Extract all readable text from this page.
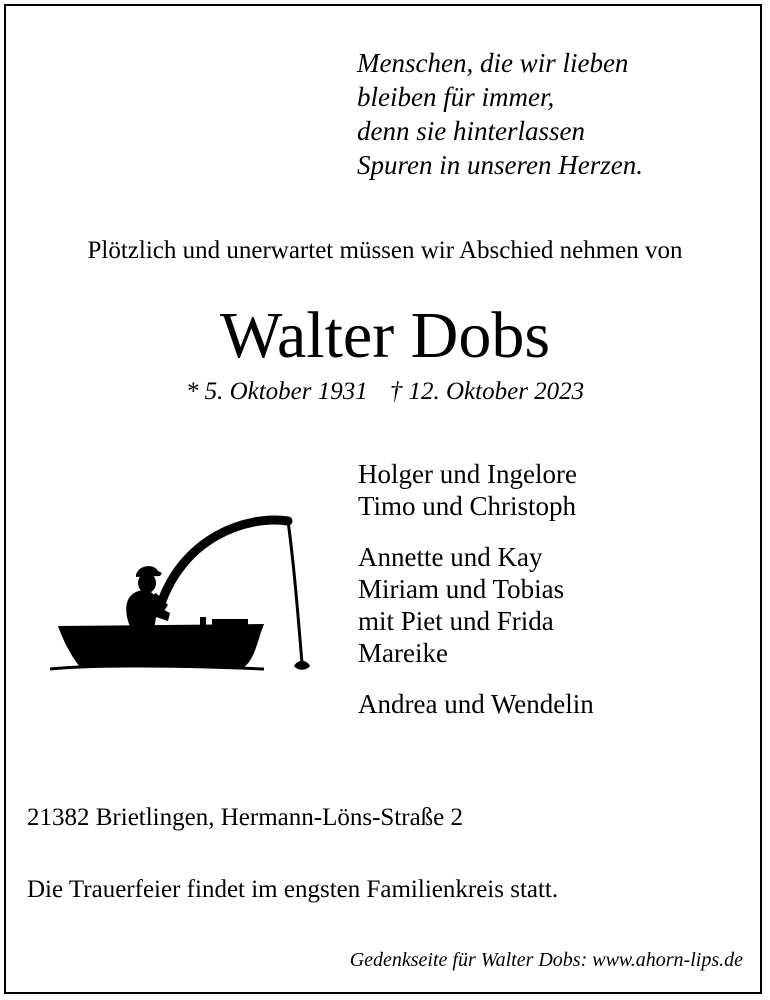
Menschen, die wir lieben
bleiben für immer,
denn sie hinterlassen
Spuren in unseren Herzen.
Plötzlich und unerwartet müssen wir Abschied nehmen von
Walter Dobs
* 5. Oktober 1931 † 12. Oktober 2023
Holger und Ingelore
Timo und Christoph
Annette und Kay
Miriam und Tobias
mit Piet und Frida
Mareike
Andrea und Wendelin
21382 Brietlingen, Hermann-Löns-Straße 2
Die Trauerfeier findet im engsten Familienkreis statt.
Gedenkseite für Walter Dobs: www.ahorn-lips.de
